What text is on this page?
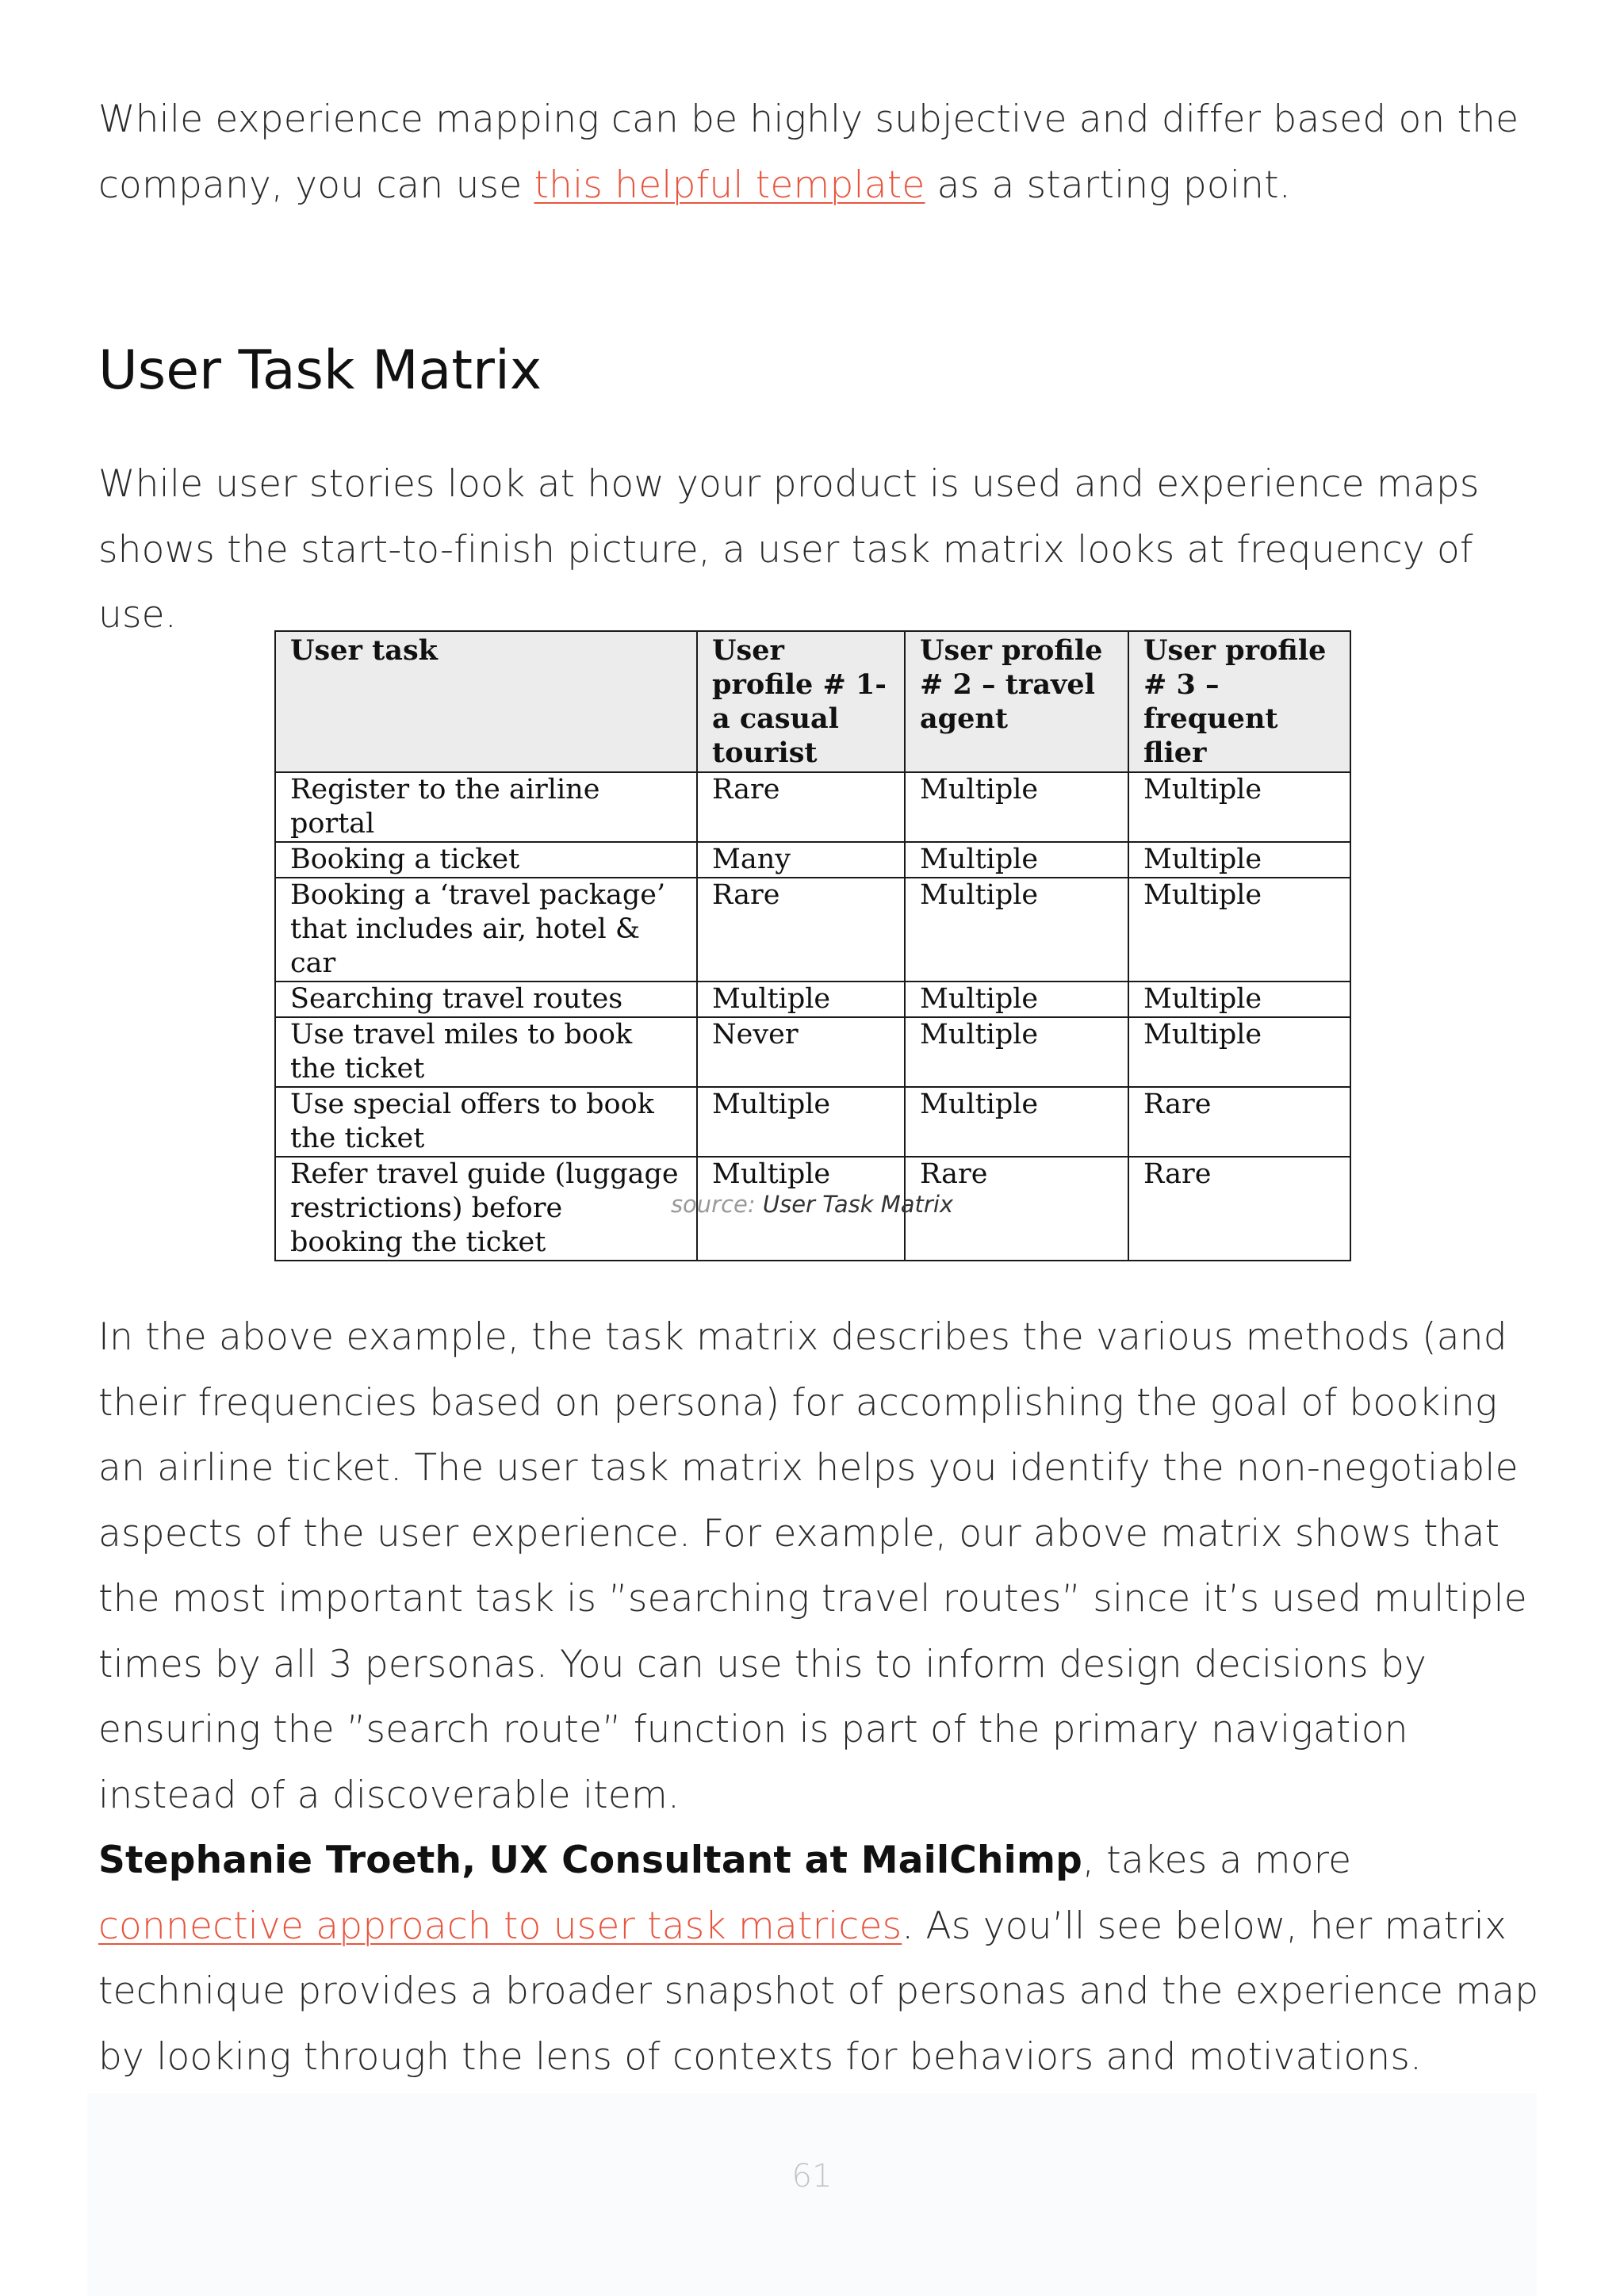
While experience mapping can be highly subjective and differ based on the company, you can use this helpful template as a starting point.

User Task Matrix

While user stories look at how your product is used and experience maps shows the start-to-finish picture, a user task matrix looks at frequency of use.

User task	User profile # 1- a casual tourist	User profile # 2 – travel agent	User profile # 3 – frequent flier
Register to the airline portal	Rare	Multiple	Multiple
Booking a ticket	Many	Multiple	Multiple
Booking a ‘travel package’ that includes air, hotel & car	Rare	Multiple	Multiple
Searching travel routes	Multiple	Multiple	Multiple
Use travel miles to book the ticket	Never	Multiple	Multiple
Use special offers to book the ticket	Multiple	Multiple	Rare
Refer travel guide (luggage restrictions) before booking the ticket	Multiple	Rare	Rare

source: User Task Matrix

In the above example, the task matrix describes the various methods (and their frequencies based on persona) for accomplishing the goal of booking an airline ticket. The user task matrix helps you identify the non-negotiable aspects of the user experience. For example, our above matrix shows that the most important task is ”searching travel routes” since it’s used multiple times by all 3 personas. You can use this to inform design decisions by ensuring the ”search route” function is part of the primary navigation instead of a discoverable item.

Stephanie Troeth, UX Consultant at MailChimp, takes a more connective approach to user task matrices. As you’ll see below, her matrix technique provides a broader snapshot of personas and the experience map by looking through the lens of contexts for behaviors and motivations.

61
